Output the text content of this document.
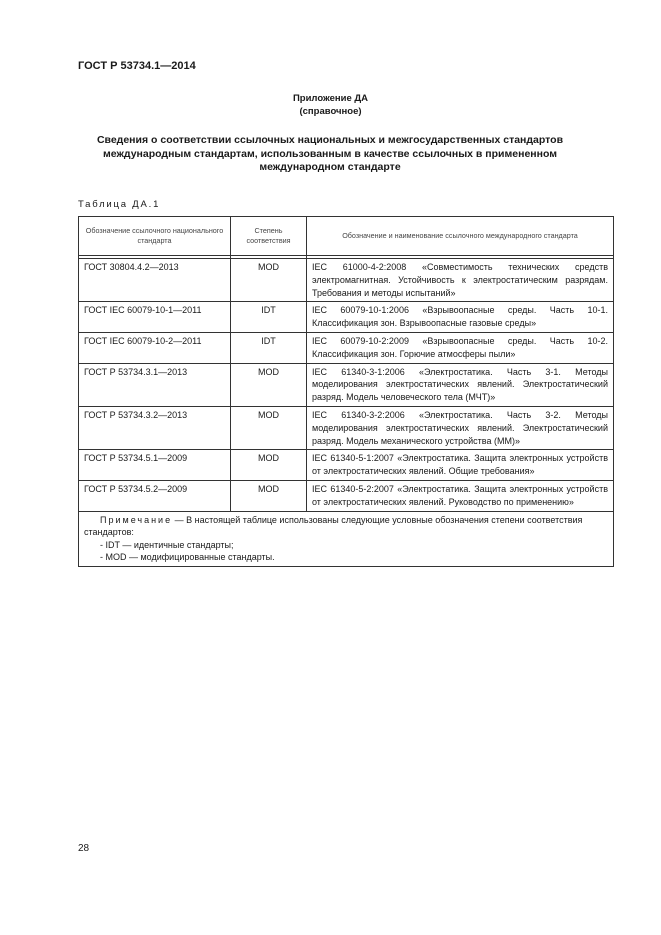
ГОСТ Р 53734.1—2014
Приложение ДА
(справочное)
Сведения о соответствии ссылочных национальных и межгосударственных стандартов международным стандартам, использованным в качестве ссылочных в примененном международном стандарте
Таблица ДА.1
Обозначение ссылочного национального стандарта	Степень соответствия	Обозначение и наименование ссылочного международного стандарта

ГОСТ 30804.4.2—2013	MOD	IEC 61000-4-2:2008 «Совместимость технических средств электромагнитная. Устойчивость к электростатическим разрядам. Требования и методы испытаний»
ГОСТ IEC 60079-10-1—2011	IDT	IEC 60079-10-1:2006 «Взрывоопасные среды. Часть 10-1. Классификация зон. Взрывоопасные газовые среды»
ГОСТ IEC 60079-10-2—2011	IDT	IEC 60079-10-2:2009 «Взрывоопасные среды. Часть 10-2. Классификация зон. Горючие атмосферы пыли»
ГОСТ Р 53734.3.1—2013	MOD	IEC 61340-3-1:2006 «Электростатика. Часть 3-1. Методы моделирования электростатических явлений. Электростатический разряд. Модель человеческого тела (МЧТ)»
ГОСТ Р 53734.3.2—2013	MOD	IEC 61340-3-2:2006 «Электростатика. Часть 3-2. Методы моделирования электростатических явлений. Электростатический разряд. Модель механического устройства (ММ)»
ГОСТ Р 53734.5.1—2009	MOD	IEC 61340-5-1:2007 «Электростатика. Защита электронных устройств от электростатических явлений. Общие требования»
ГОСТ Р 53734.5.2—2009	MOD	IEC 61340-5-2:2007 «Электростатика. Защита электронных устройств от электростатических явлений. Руководство по применению»

Примечание — В настоящей таблице использованы следующие условные обозначения степени соответствия стандартов:
- IDT — идентичные стандарты;
- MOD — модифицированные стандарты.		
28
